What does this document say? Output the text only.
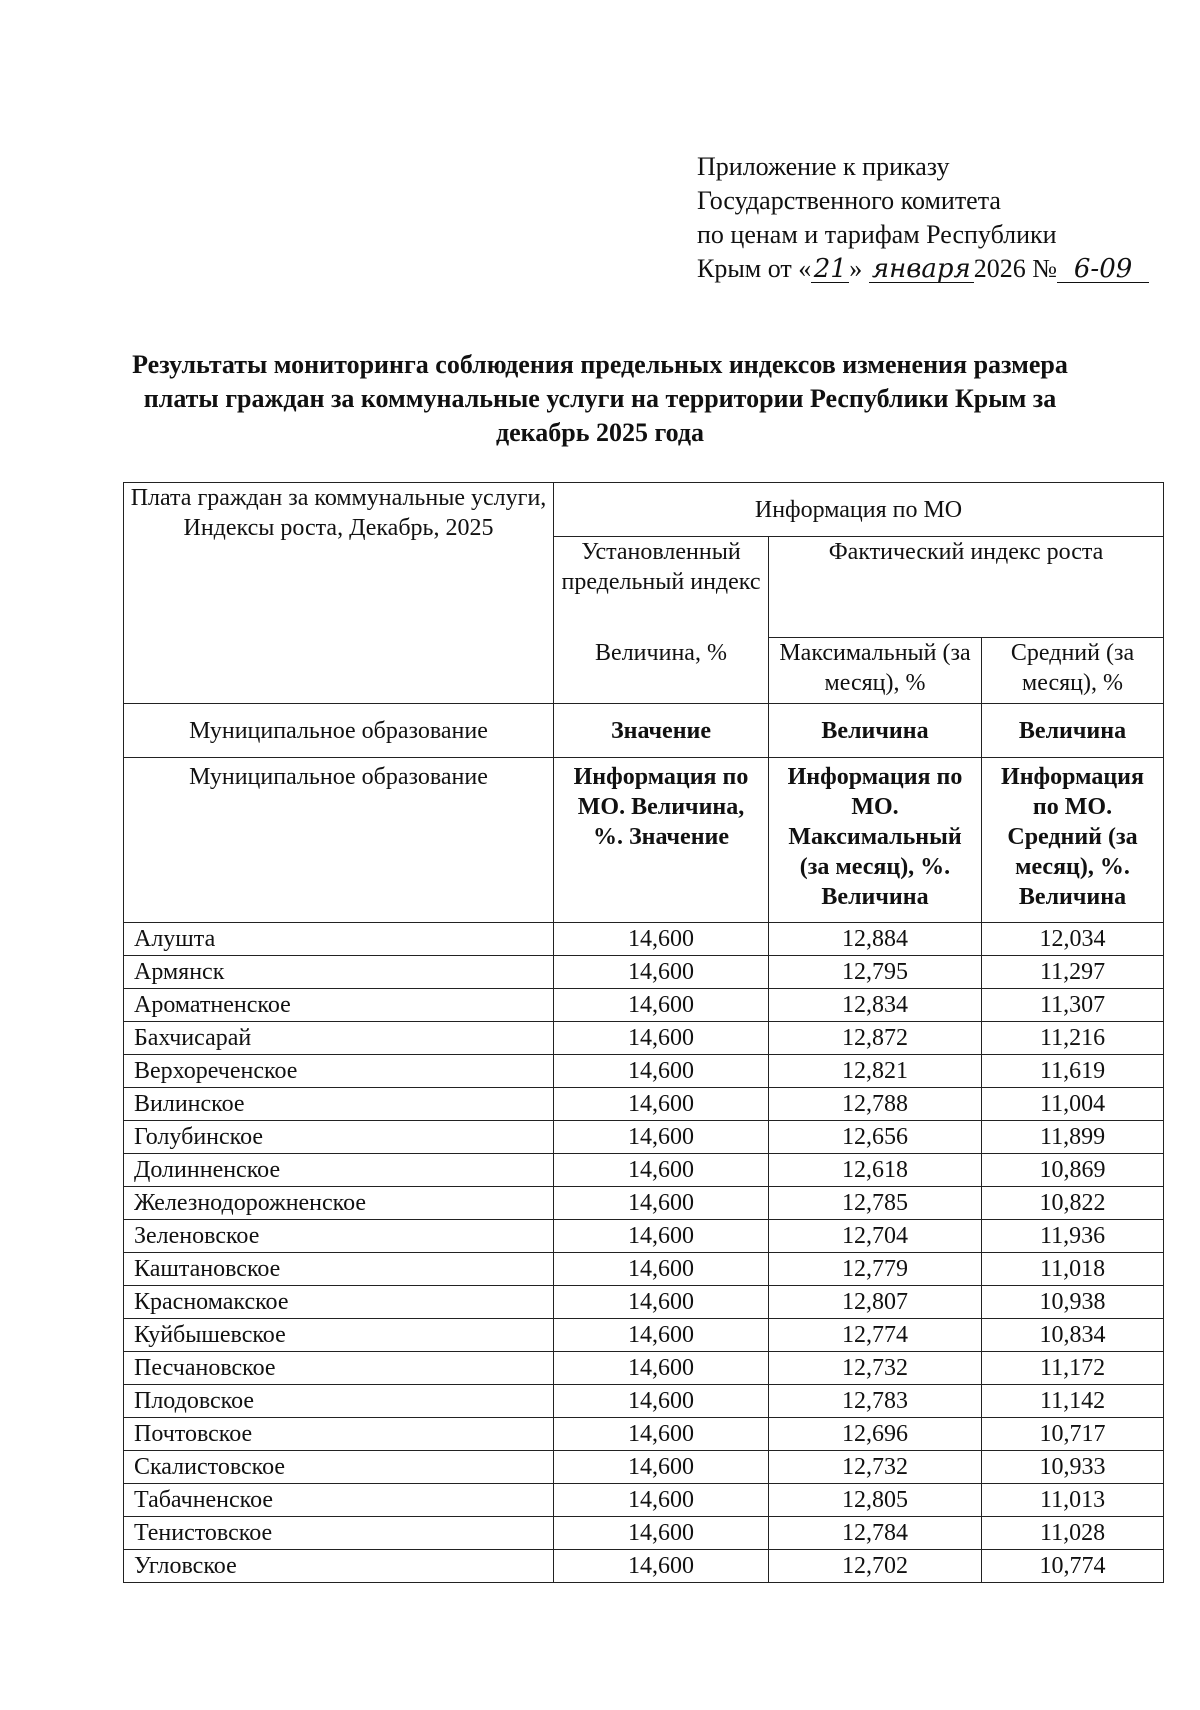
Приложение к приказу
Государственного комитета
по ценам и тарифам Республики
Крым от «21» января 2026 № 6-09
Результаты мониторинга соблюдения предельных индексов изменения размера платы граждан за коммунальные услуги на территории Республики Крым за декабрь 2025 года
Плата граждан за коммунальные услуги, Индексы роста, Декабрь, 2025	Информация по МО		
	Установленный предельный индекс	Фактический индекс роста	
	Величина, %	Максимальный (за месяц), %	Средний (за месяц), %
Муниципальное образование	Значение	Величина	Величина
Муниципальное образование	Информация по МО. Величина, %. Значение	Информация по МО. Максимальный (за месяц), %. Величина	Информация по МО. Средний (за месяц), %. Величина
Алушта	14,600	12,884	12,034
Армянск	14,600	12,795	11,297
Ароматненское	14,600	12,834	11,307
Бахчисарай	14,600	12,872	11,216
Верхореченское	14,600	12,821	11,619
Вилинское	14,600	12,788	11,004
Голубинское	14,600	12,656	11,899
Долинненское	14,600	12,618	10,869
Железнодорожненское	14,600	12,785	10,822
Зеленовское	14,600	12,704	11,936
Каштановское	14,600	12,779	11,018
Красномакское	14,600	12,807	10,938
Куйбышевское	14,600	12,774	10,834
Песчановское	14,600	12,732	11,172
Плодовское	14,600	12,783	11,142
Почтовское	14,600	12,696	10,717
Скалистовское	14,600	12,732	10,933
Табачненское	14,600	12,805	11,013
Тенистовское	14,600	12,784	11,028
Угловское	14,600	12,702	10,774
